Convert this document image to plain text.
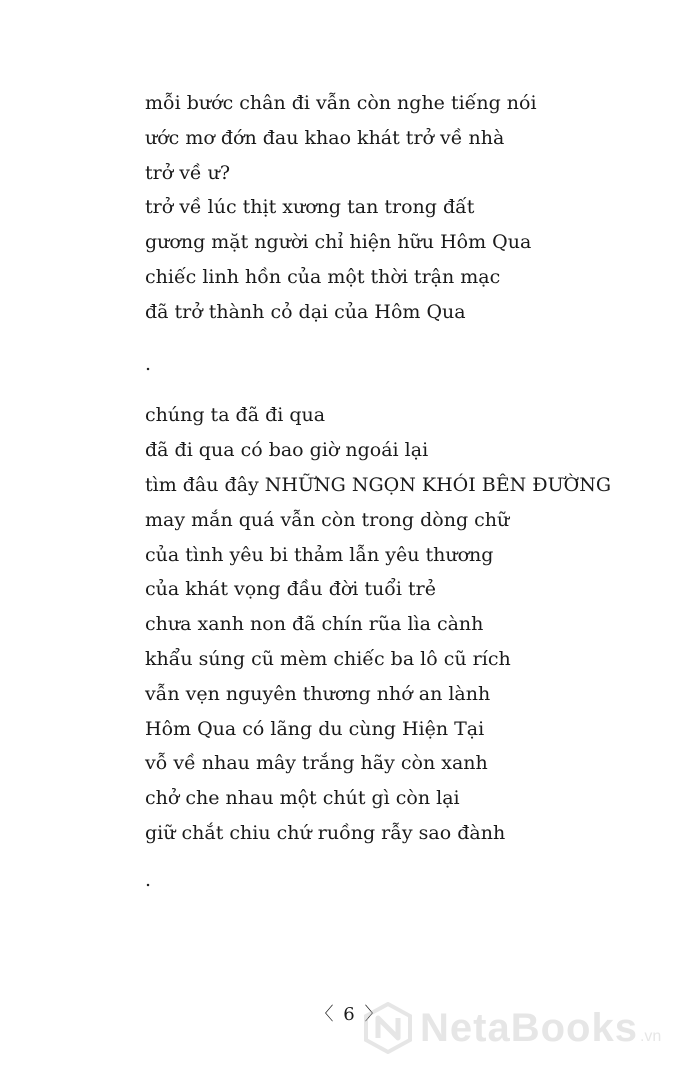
mỗi bước chân đi vẫn còn nghe tiếng nói
ước mơ đớn đau khao khát trở về nhà
trở về ư?
trở về lúc thịt xương tan trong đất
gương mặt người chỉ hiện hữu Hôm Qua
chiếc linh hồn của một thời trận mạc
đã trở thành cỏ dại của Hôm Qua
.
chúng ta đã đi qua
đã đi qua có bao giờ ngoái lại
tìm đâu đây NHỮNG NGỌN KHÓI BÊN ĐƯỜNG
may mắn quá vẫn còn trong dòng chữ
của tình yêu bi thảm lẫn yêu thương
của khát vọng đầu đời tuổi trẻ
chưa xanh non đã chín rũa lìa cành
khẩu súng cũ mèm chiếc ba lô cũ rích
vẫn vẹn nguyên thương nhớ an lành
Hôm Qua có lãng du cùng Hiện Tại
vỗ về nhau mây trắng hãy còn xanh
chở che nhau một chút gì còn lại
giữ chắt chiu chứ ruồng rẫy sao đành
.
〈 6 〉 NetaBooks .vn
